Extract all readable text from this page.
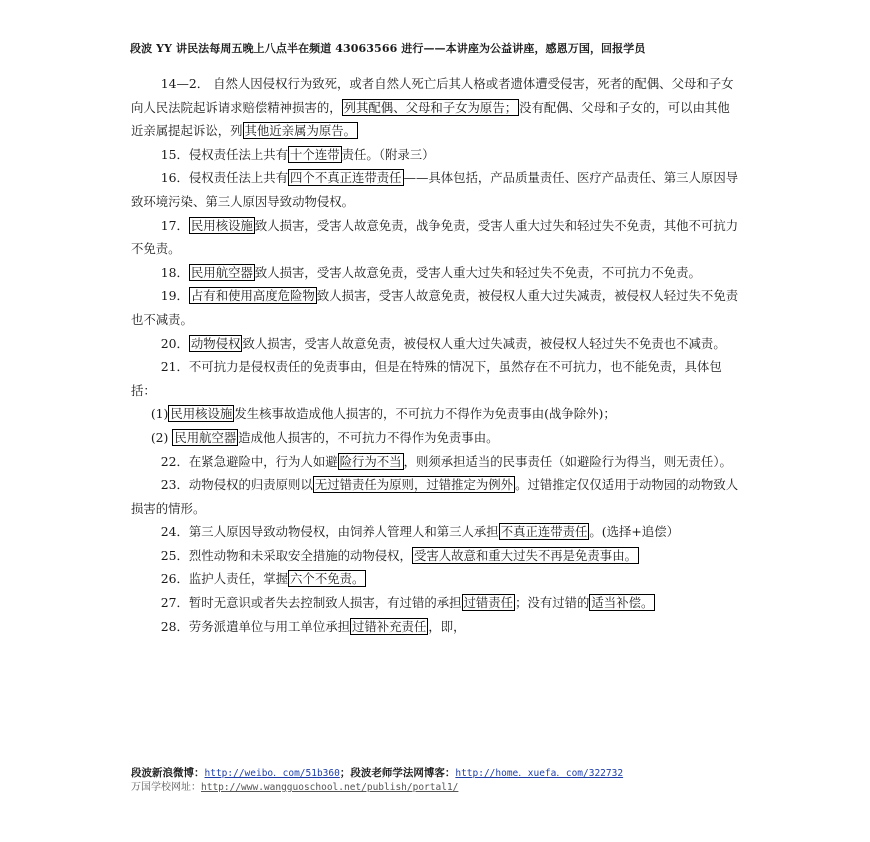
段波 YY 讲民法每周五晚上八点半在频道 43063566 进行——本讲座为公益讲座，感恩万国，回报学员

14—2． 自然人因侵权行为致死，或者自然人死亡后其人格或者遗体遭受侵害，死者的配偶、父母和子女向人民法院起诉请求赔偿精神损害的， 列其配偶、父母和子女为原告； 没有配偶、父母和子女的，可以由其他近亲属提起诉讼，列 其他近亲属为原告。

15．侵权责任法上共有 十个连带 责任。（附录三）

16．侵权责任法上共有 四个不真正连带责任 ——具体包括，产品质量责任、医疗产品责任、第三人原因导致环境污染、第三人原因导致动物侵权。

17． 民用核设施 致人损害，受害人故意免责，战争免责，受害人重大过失和轻过失不免责，其他不可抗力不免责。

18． 民用航空器 致人损害，受害人故意免责，受害人重大过失和轻过失不免责，不可抗力不免责。

19． 占有和使用高度危险物 致人损害，受害人故意免责，被侵权人重大过失减责，被侵权人轻过失不免责也不减责。

20． 动物侵权 致人损害，受害人故意免责，被侵权人重大过失减责，被侵权人轻过失不免责也不减责。

21．不可抗力是侵权责任的免责事由，但是在特殊的情况下，虽然存在不可抗力，也不能免责，具体包括：

(1) 民用核设施 发生核事故造成他人损害的，不可抗力不得作为免责事由(战争除外)；

(2) 民用航空器 造成他人损害的，不可抗力不得作为免责事由。

22．在紧急避险中，行为人如避 险行为不当 ，则须承担适当的民事责任（如避险行为得当，则无责任）。

23．动物侵权的归责原则以 无过错责任为原则，过错推定为例外 。过错推定仅仅适用于动物园的动物致人损害的情形。

24．第三人原因导致动物侵权，由饲养人管理人和第三人承担 不真正连带责任 。(选择+追偿）

25．烈性动物和未采取安全措施的动物侵权， 受害人故意和重大过失不再是免责事由。

26．监护人责任，掌握 六个不免责。

27．暂时无意识或者失去控制致人损害，有过错的承担 过错责任 ；没有过错的 适当补偿。

28．劳务派遣单位与用工单位承担 过错补充责任 ，即，

段波新浪微博：http://weibo．com/51b360；段波老师学法网博客：http://home．xuefa．com/322732
万国学校网址：http://www.wangguoschool.net/publish/portal1/
